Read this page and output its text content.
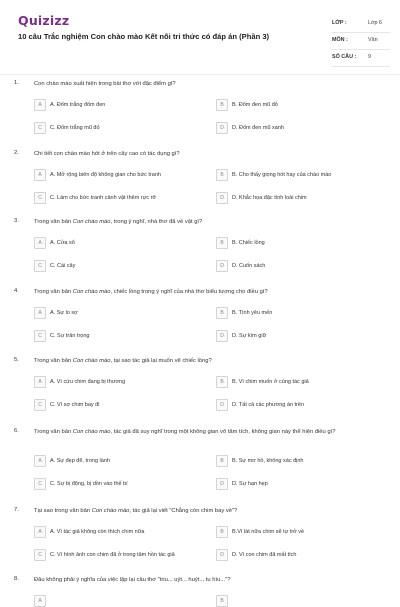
Quizizz
10 câu Trắc nghiệm Con chào mào Kết nối tri thức có đáp án (Phần 3)
LỚP :	Lớp 6
MÔN :	Văn
SỐ CÂU : 9
1.	Con chào mào xuất hiện trong bài thơ với đặc điểm gì?
A	A. Đốm trắng đốm đen	B	B. Đốm đen mũ đỏ
C	C. Đốm trắng mũ đỏ	D	D. Đốm đen mũ xanh
2.	Chi tiết con chào mào hót ở trên cây cao có tác dụng gì?
A	A. Mở rộng biên độ không gian cho bức tranh	B	B. Cho thấy giọng hót hay của chào mào
C	C. Làm cho bức tranh cảnh vật thêm rực rỡ	D	D. Khắc họa đặc tính loài chim
3.	Trong văn bản Con chào mào, trong ý nghĩ, nhà thơ đã về vật gì?
A	A. Cửa sổ	B	B. Chiếc lồng
C	C. Cái cây	D	D. Cuốn sách
4.	Trong văn bản Con chào mào, chiếc lồng trong ý nghĩ của nhà thơ biểu tượng cho điều gì?
A	A. Sự lo sợ	B	B. Tình yêu mến
C	C. Sự trân trọng	D	D. Sự kìm giữ
5.	Trong văn bản Con chào mào, tại sao tác giả lại muốn vẽ chiếc lồng?
A	A. Vì cứu chim đang bị thương	B	B. Vì chim muốn ở cùng tác giả
C	C. Vì sợ chim bay đi	D	D. Tất cả các phương án trên
6.	Trong văn bản Con chào mào, tác giả đã suy nghĩ trong một không gian vô tâm tích, không gian này thể hiện điều gì?
A	A. Sự đẹp đẽ, trong lành	B	B. Sự mơ hồ, không xác định
C	C. Sự bị động, bị dồn vào thế bí	D	D. Sự hạn hẹp
7.	Tại sao trong văn bản Con chào mào, tác giả lại viết "Chẳng còn chim bay về"?
A	A. Vì tác giả không còn thích chim nữa	B	B.Vì lát nữa chim sẽ tự trở về
C	C. Vì hình ảnh con chim đã ở trong tâm hồn tác giả	D	D. Vì con chim đã mất tích
8.	Đâu không phải ý nghĩa của việc lặp lại câu thơ "triu... uýt... huýt... tu hìu..."?
A	B
